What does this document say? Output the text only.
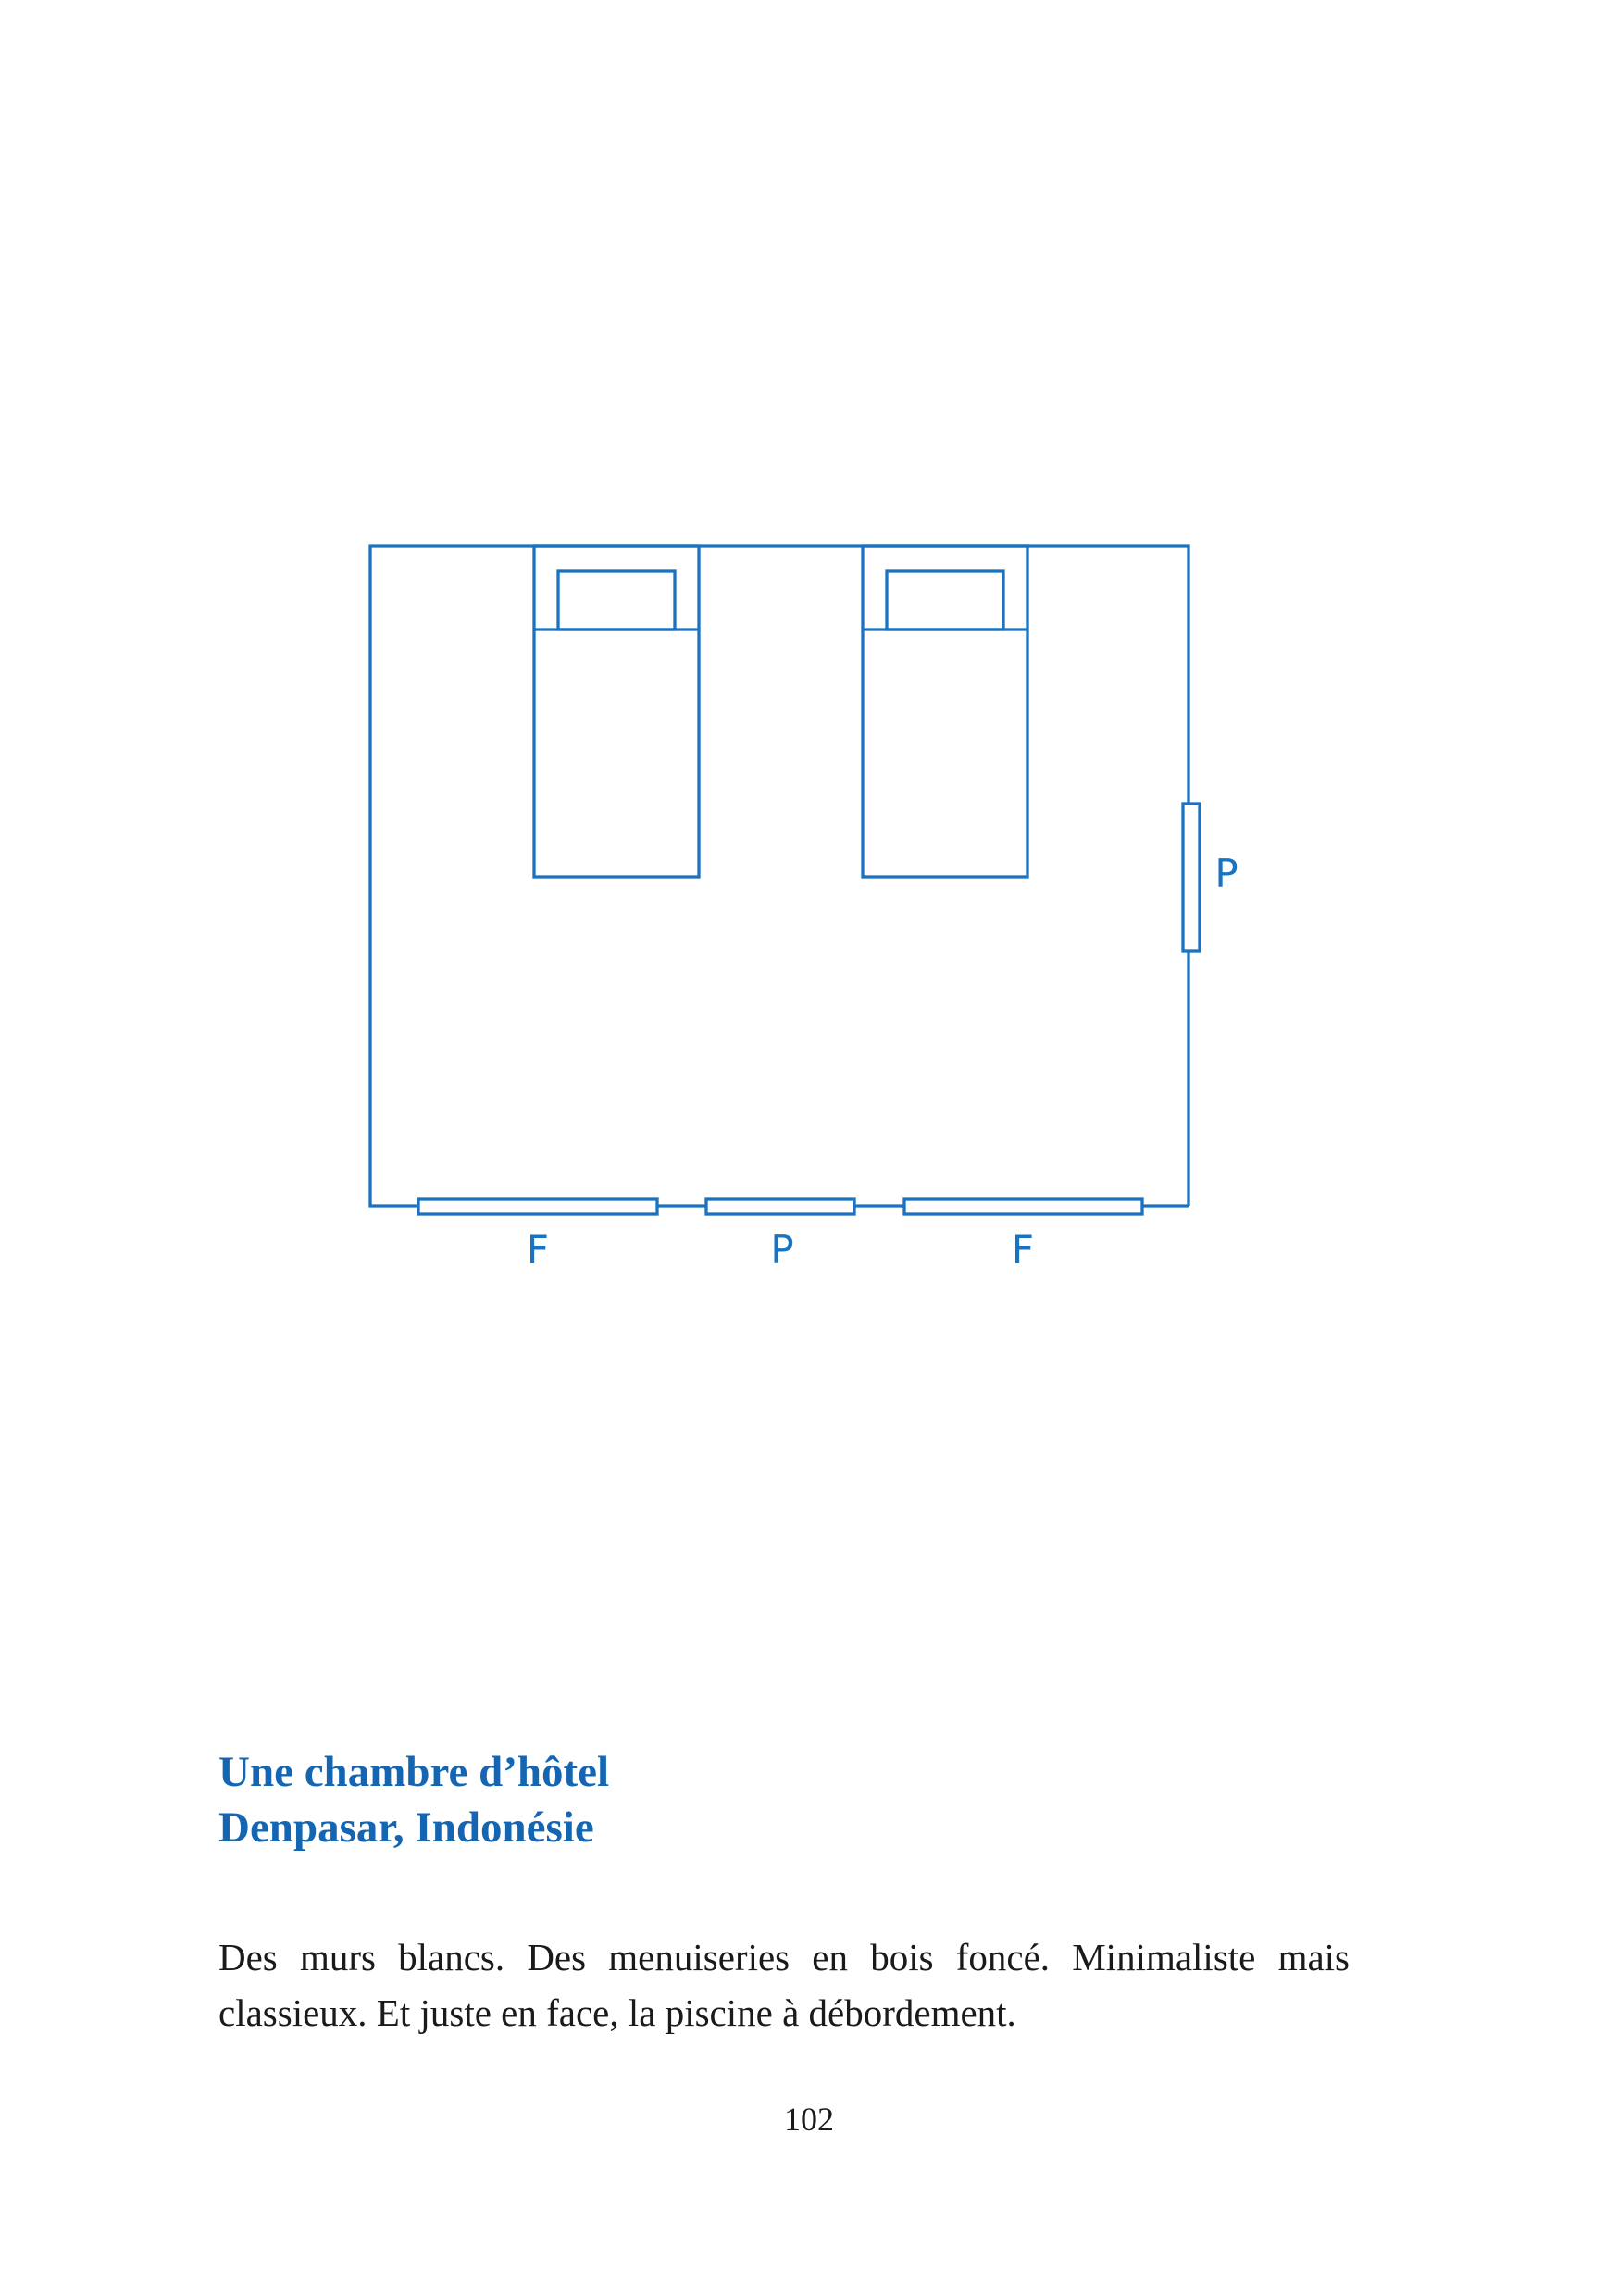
P
F	P	F
Une chambre d’hôtel
Denpasar, Indonésie
Des murs blancs. Des menuiseries en bois foncé. Minimaliste mais
classieux. Et juste en face, la piscine à débordement.
102
